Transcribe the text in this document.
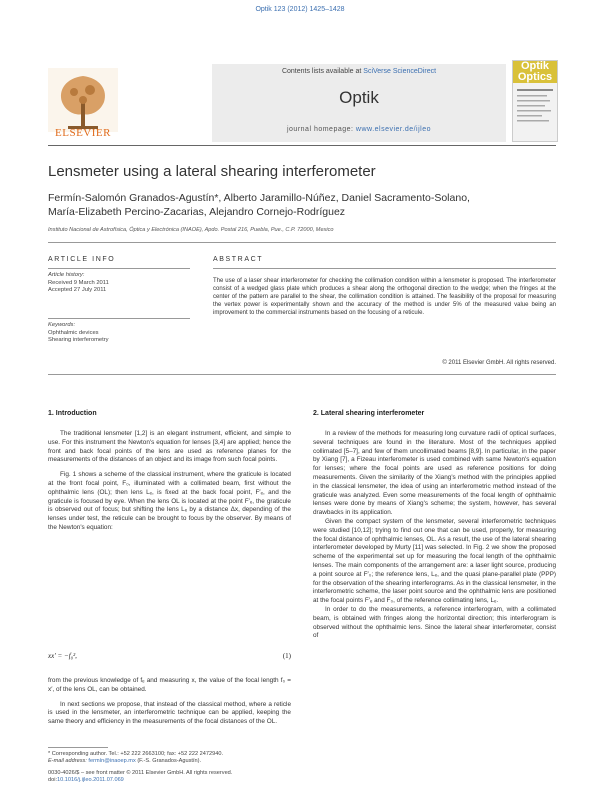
Optik 123 (2012) 1425–1428
Contents lists available at SciVerse ScienceDirect
Optik
journal homepage: www.elsevier.de/ijleo
ELSEVIER
Optik Optics
Lensmeter using a lateral shearing interferometer
Fermín-Salomón Granados-Agustín*, Alberto Jaramillo-Núñez, Daniel Sacramento-Solano,
María-Elizabeth Percino-Zacarias, Alejandro Cornejo-Rodríguez
Instituto Nacional de Astrofísica, Óptica y Electrónica (INAOE), Apdo. Postal 216, Puebla, Pue., C.P. 72000, Mexico
ARTICLE INFO
Article history:
Received 9 March 2011
Accepted 27 July 2011
Keywords:
Ophthalmic devices
Shearing interferometry
ABSTRACT
The use of a laser shear interferometer for checking the collimation condition within a lensmeter is proposed. The interferometer consist of a wedged glass plate which produces a shear along the orthogonal direction to the wedge; when the fringes at the center of the pattern are parallel to the shear, the collimation condition is attained. The feasibility of the proposal for measuring the vertex power is experimentally shown and the accuracy of the method is under 5% of the measured value being an improvement to the commercial instruments based on the focusing of a reticule.
© 2011 Elsevier GmbH. All rights reserved.
1. Introduction	2. Lateral shearing interferometer

The traditional lensmeter [1,2] is an elegant instrument, efficient, and simple to use. For this instrument the Newton's equation for lenses [3,4] are applied; hence the front and back focal points of the lens are used as reference planes for the measurements of the distances of an object and its image from such focal points.

Fig. 1 shows a scheme of the classical instrument, where the graticule is located at the front focal point, F₀, illuminated with a collimated beam, first without the ophthalmic lens (OL); then lens Lₑ, is fixed at the back focal point, F′ₑ, and the graticule is focused by eye. When the lens OL is located at the point F′ₑ, the graticule is observed out of focus; but shifting the lens Lₑ by a distance Δx, depending of the lenses under test, the reticule can be brought to focus by the observer. By means of the Newton's equation:

xx′ = −f₀²,	(1)

from the previous knowledge of fₑ and measuring x, the value of the focal length f₀ = x′, of the lens OL, can be obtained.

In next sections we propose, that instead of the classical method, where a reticle is used in the lensmeter, an interferometric technique can be applied, keeping the same theory and efficiency in the measurements of the focal distances of the OL.

In a review of the methods for measuring long curvature radii of optical surfaces, several techniques are found in the literature. Most of the techniques applied collimated [5–7], and few of them uncollimated beams [8,9]. In particular, in the paper by Xiang [7], a Fizeau interferometer is used combined with same Newton's equation for lenses; where the focal points are used as reference positions for doing measurements. Given the similarity of the Xiang's method with the principles applied in the classical lensmeter, the idea of using an interferometric method instead of the graticule was analyzed. Even some measurements of the focal length of ophthalmic lenses were done by means of Xiang's scheme; the system, however, has several drawbacks in its application.

Given the compact system of the lensmeter, several interferometric techniques were studied [10,12]; trying to find out one that can be used, properly, for measuring the focal distance of ophthalmic lenses, OL. As a result, the use of the lateral shearing interferometer developed by Murty [11] was selected. In Fig. 2 we show the proposed scheme of the experimental set up for measuring the focal length of the ophthalmic lenses. The main components of the arrangement are: a laser light source, producing a point source at F′₀; the reference lens, Lₑ, and the quasi plane-parallel plate (PPP) for the observation of the shearing interferograms. As in the classical lensmeter, in the interferometric scheme, the laser point source and the ophthalmic lens are positioned at the focal points F′ₑ and F₀, of the reference collimating lens, Lₑ.

In order to do the measurements, a reference interferogram, with a collimated beam, is obtained with fringes along the horizontal direction; this interferogram is observed without the ophthalmic lens. Since the lateral shear interferometer, consist of

* Corresponding author. Tel.: +52 222 2663100; fax: +52 222 2472940.
E-mail address: fermín@inaoep.mx (F.-S. Granados-Agustín).
0030-4026/$ – see front matter © 2011 Elsevier GmbH. All rights reserved.
doi:10.1016/j.ijleo.2011.07.069
